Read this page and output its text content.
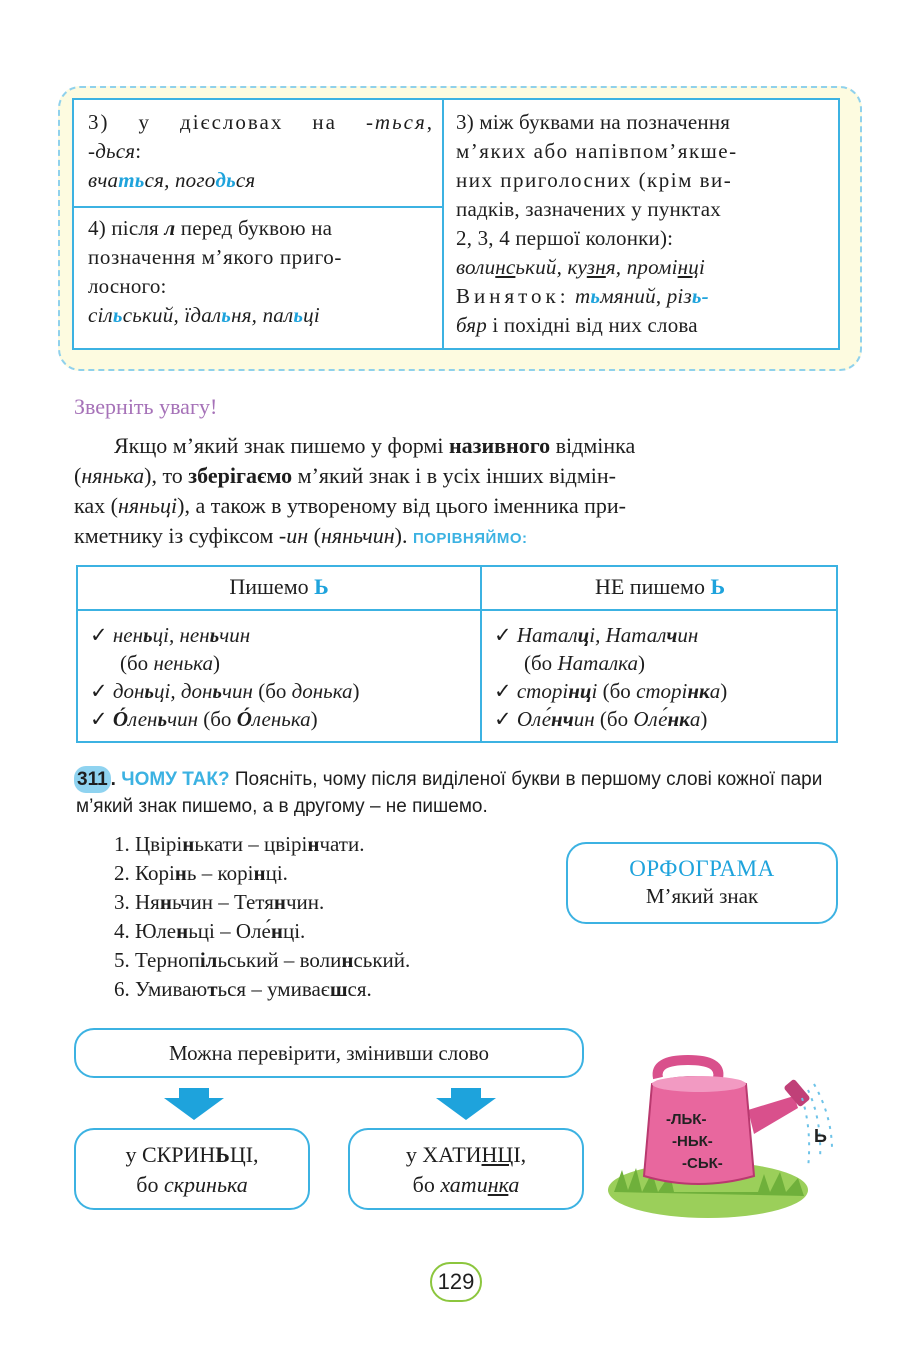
3) у дієсловах на -ться,
-дься:
вчаться, погодься
4) після л перед буквою на
позначення м’якого приго-
лосного:
сільський, їдальня, пальці
3) між буквами на позначення
м’яких або напівпом’якше-
них приголосних (крім ви-
падків, зазначених у пунктах
2, 3, 4 першої колонки):
волинський, кузня, промінці
Виняток: тьмяний, різь-
бяр і похідні від них слова
Зверніть увагу!

Якщо м’який знак пишемо у формі називного відмінка

(нянька), то зберігаємо м’який знак і в усіх інших відмін-
ках (няньці), а також в утвореному від цього іменника при-
кметнику із суфіксом -ин (няньчин). ПОРІВНЯЙМО:
Пишемо Ь	НЕ пишемо Ь
✓ неньці, неньчин
(бо ненька)
✓ доньці, доньчин (бо донька)
✓ Óленьчин (бо Óленька)
✓ Наталці, Наталчин
(бо Наталка)
✓ сторінці (бо сторінка)
✓ Оле́нчин (бо Оле́нка)
311 . ЧОМУ ТАК? Поясніть, чому після виділеної букви в першому слові кожної пари м’який знак пишемо, а в другому – не пишемо.
1. Цвірінькати – цвірінчати.
2. Корінь – корінці.
3. Няньчин – Тетянчин.
4. Юленьці – Оле́нці.
5. Тернопільський – волинський.
6. Умиваються – умиваєшся.
ОРФОГРАМА
М’який знак
Можна перевірити, змінивши слово
у СКРИНЬЦІ,
бо скринька
у ХАТИНЦІ,
бо хатинка
-ЛЬК-
-НЬК-
-СЬК-
Ь
129
